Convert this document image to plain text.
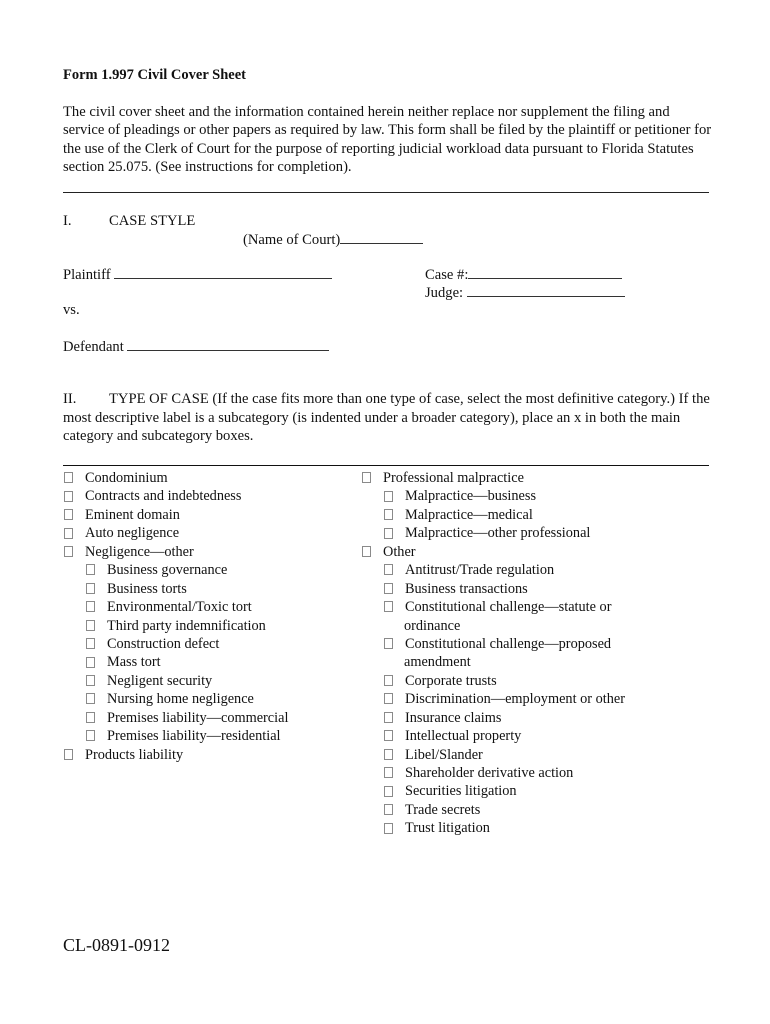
Form 1.997 Civil Cover Sheet
The civil cover sheet and the information contained herein neither replace nor supplement the filing and service of pleadings or other papers as required by law. This form shall be filed by the plaintiff or petitioner for the use of the Clerk of Court for the purpose of reporting judicial workload data pursuant to Florida Statutes section 25.075. (See instructions for completion).
I.	CASE STYLE
(Name of Court)
Plaintiff	Case #:
Judge:
vs.
Defendant
II. TYPE OF CASE (If the case fits more than one type of case, select the most definitive category.) If the most descriptive label is a subcategory (is indented under a broader category), place an x in both the main category and subcategory boxes.
Condominium
Contracts and indebtedness
Eminent domain
Auto negligence
Negligence—other
Business governance
Business torts
Environmental/Toxic tort
Third party indemnification
Construction defect
Mass tort
Negligent security
Nursing home negligence
Premises liability—commercial
Premises liability—residential
Products liability
Professional malpractice
Malpractice—business
Malpractice—medical
Malpractice—other professional
Other
Antitrust/Trade regulation
Business transactions
Constitutional challenge—statute or
ordinance
Constitutional challenge—proposed
amendment
Corporate trusts
Discrimination—employment or other
Insurance claims
Intellectual property
Libel/Slander
Shareholder derivative action
Securities litigation
Trade secrets
Trust litigation
CL-0891-0912
